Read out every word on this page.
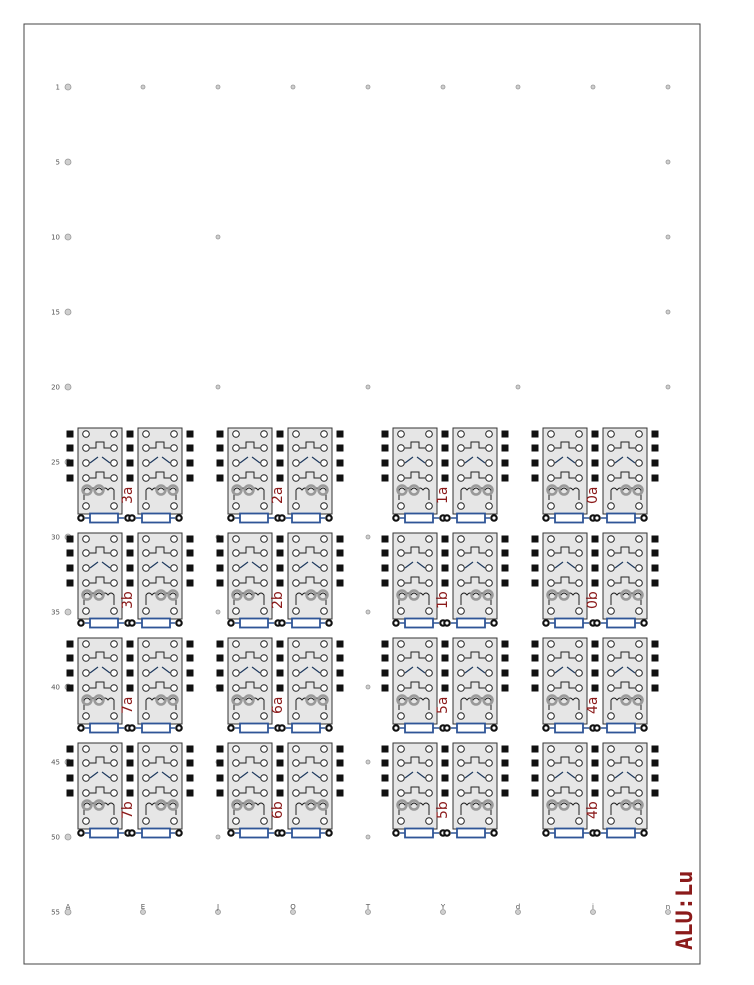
1
5
10
15
20
25
30
35
40
45
50
55
A	E	J	O	T	Y	d	i	n
3a	2a	1a	0a
3b	2b	1b	0b
7a	6a	5a	4a
7b	6b	5b	4b
ALU:Lu
